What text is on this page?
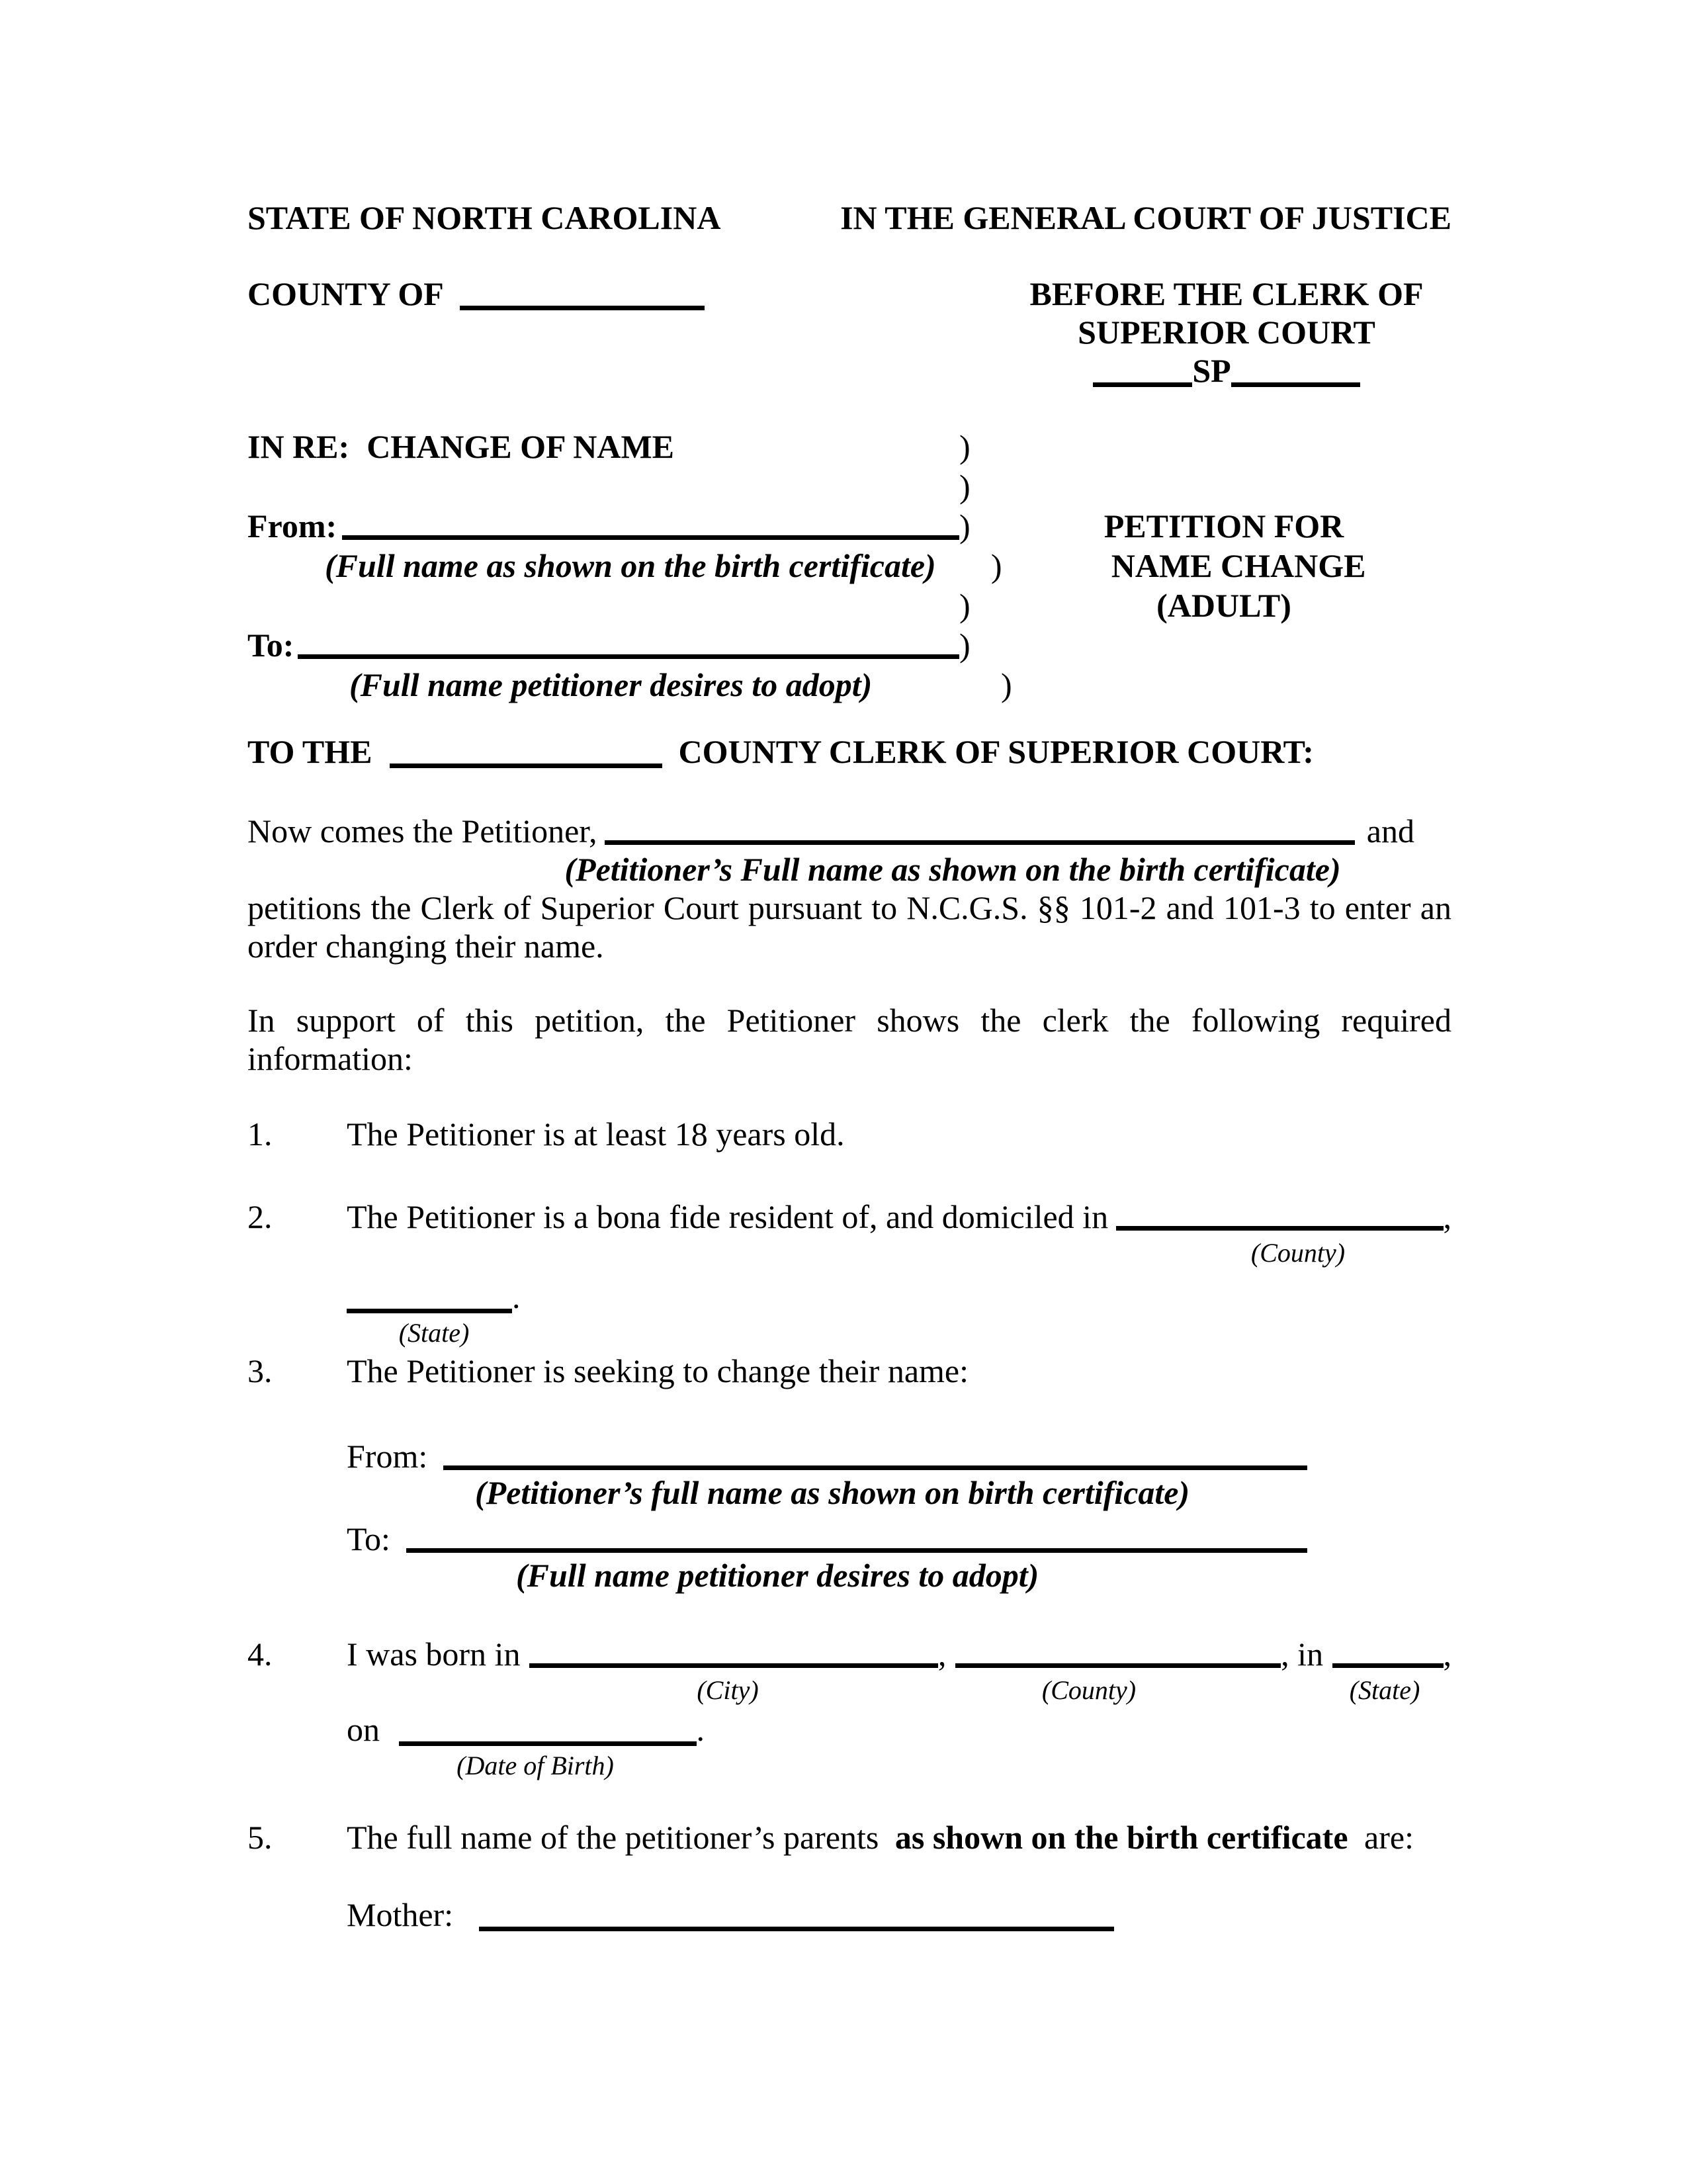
STATE OF NORTH CAROLINA	IN THE GENERAL COURT OF JUSTICE
COUNTY OF	BEFORE THE CLERK OF
SUPERIOR COURT
SP
IN RE: CHANGE OF NAME	)
)
From:	)	PETITION FOR
(Full name as shown on the birth certificate)	)	NAME CHANGE
)	(ADULT)
To:	)
(Full name petitioner desires to adopt)	)
TO THE	COUNTY CLERK OF SUPERIOR COURT:
Now comes the Petitioner,	and
(Petitioner’s Full name as shown on the birth certificate)
petitions the Clerk of Superior Court pursuant to N.C.G.S. §§ 101-2 and 101-3 to enter an order changing their name.
In support of this petition, the Petitioner shows the clerk the following required information:
1.	The Petitioner is at least 18 years old.
2.	The Petitioner is a bona fide resident of, and domiciled in	,
(County)
.
(State)
3.	The Petitioner is seeking to change their name:
From:
(Petitioner’s full name as shown on birth certificate)
To:
(Full name petitioner desires to adopt)
4.	I was born in	,	, in	,
(City)	(County)	(State)
on	.
(Date of Birth)
5.	The full name of the petitioner’s parents as shown on the birth certificate are:
Mother:
